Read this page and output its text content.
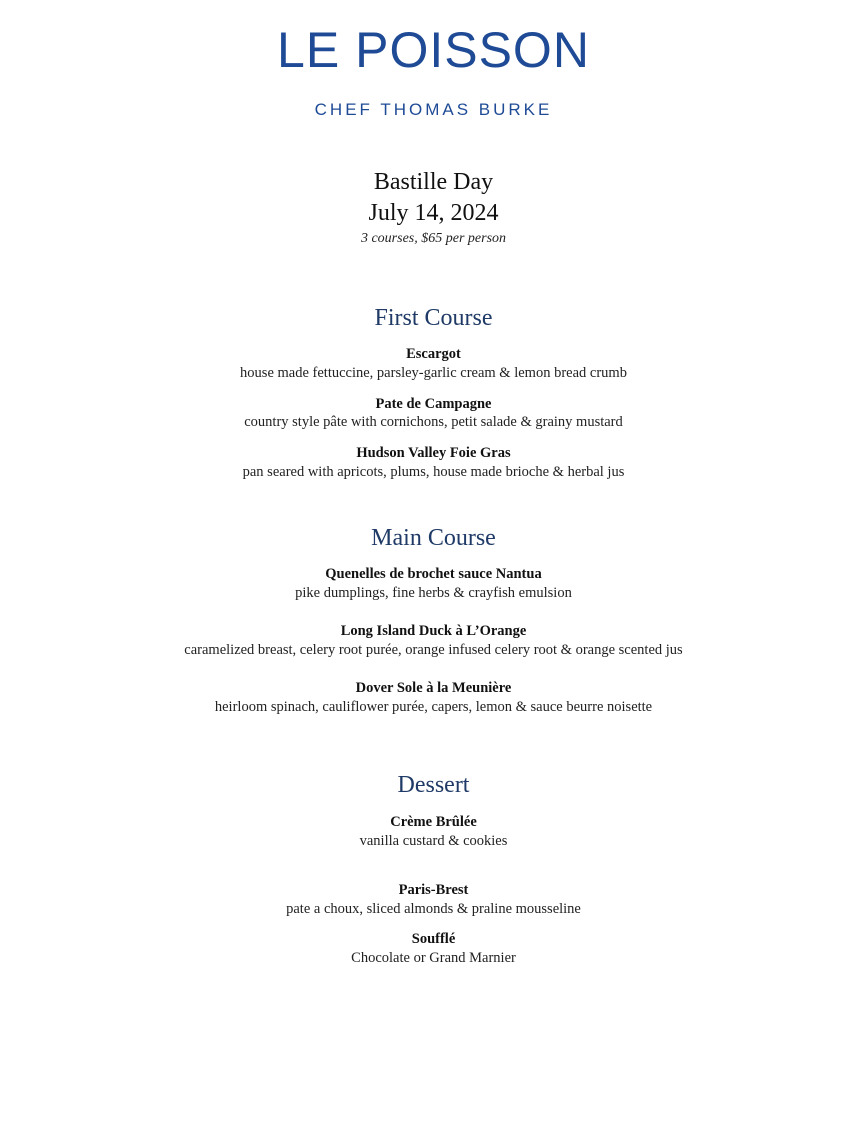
LE POISSON
CHEF THOMAS BURKE
Bastille Day
July 14, 2024
3 courses, $65 per person
First Course
Escargot
house made fettuccine, parsley-garlic cream & lemon bread crumb
Pate de Campagne
country style pâte with cornichons, petit salade & grainy mustard
Hudson Valley Foie Gras
pan seared with apricots, plums, house made brioche & herbal jus
Main Course
Quenelles de brochet sauce Nantua
pike dumplings, fine herbs & crayfish emulsion
Long Island Duck à L’Orange
caramelized breast, celery root purée, orange infused celery root & orange scented jus
Dover Sole à la Meunière
heirloom spinach, cauliflower purée, capers, lemon & sauce beurre noisette
Dessert
Crème Brûlée
vanilla custard & cookies
Paris-Brest
pate a choux, sliced almonds & praline mousseline
Soufflé
Chocolate or Grand Marnier
